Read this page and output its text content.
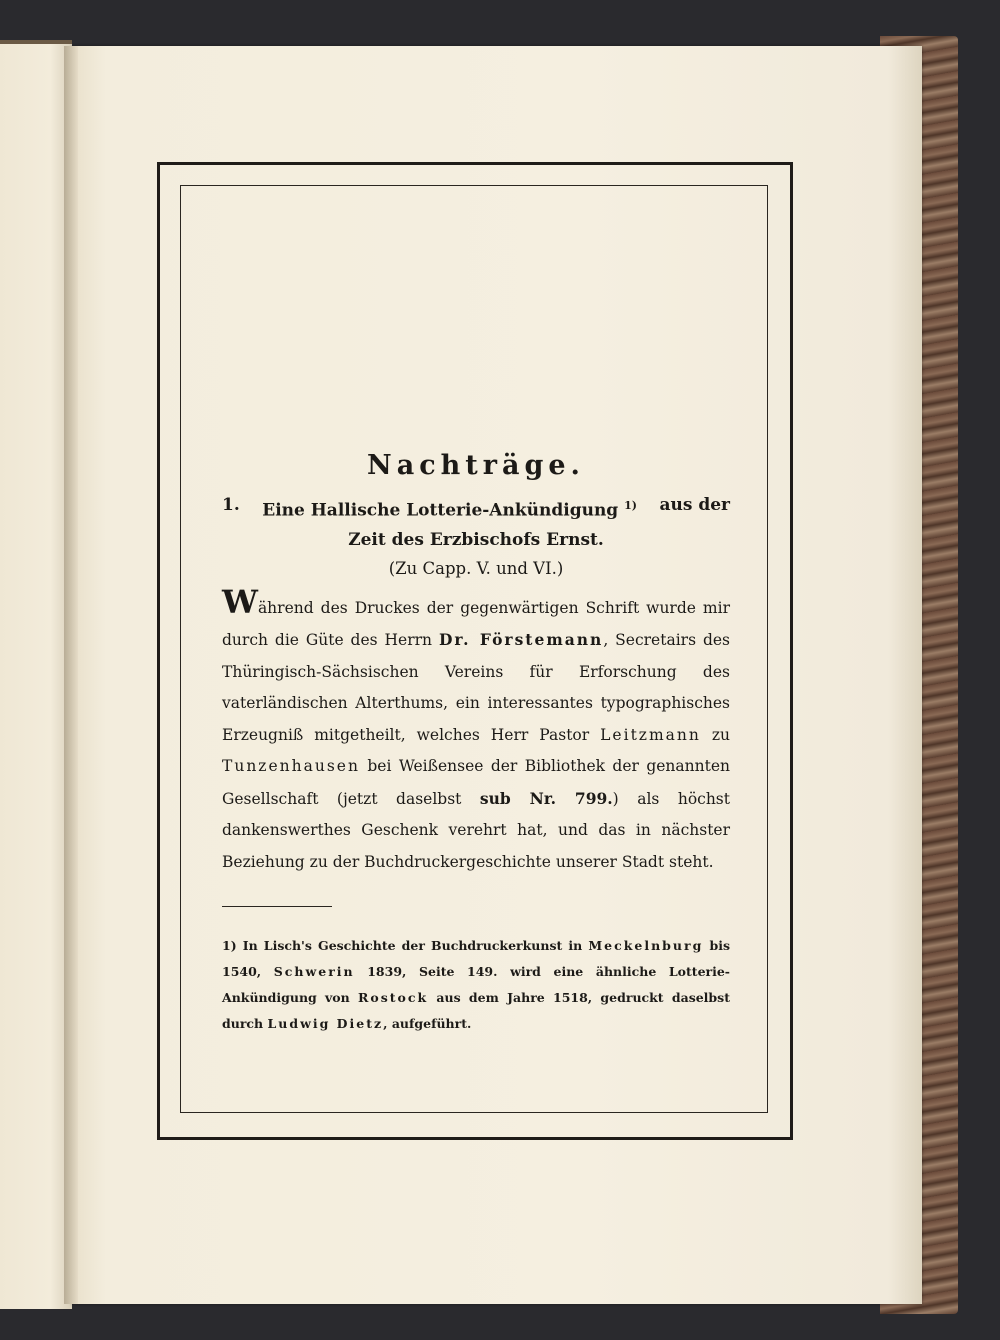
Nachträge.
1. Eine Hallische Lotterie-Ankündigung $^{1)}$ aus der
Zeit des Erzbischofs Ernst.
(Zu Capp. V. und VI.)
Während des Druckes der gegenwärtigen Schrift wurde mir durch die Güte des Herrn Dr. Förstemann, Secretairs des Thüringisch-Sächsischen Vereins für Erforschung des vaterländischen Alterthums, ein interessantes typographisches Erzeugniß mitgetheilt, welches Herr Pastor Leitzmann zu Tunzenhausen bei Weißensee der Bibliothek der genannten Gesellschaft (jetzt daselbst sub Nr. 799.) als höchst dankenswerthes Geschenk verehrt hat, und das in nächster Beziehung zu der Buchdruckergeschichte unserer Stadt steht.
1) In Lisch's Geschichte der Buchdruckerkunst in Meckelnburg bis 1540, Schwerin 1839, Seite 149. wird eine ähnliche Lotterie-Ankündigung von Rostock aus dem Jahre 1518, gedruckt daselbst durch Ludwig Dietz, aufgeführt.
